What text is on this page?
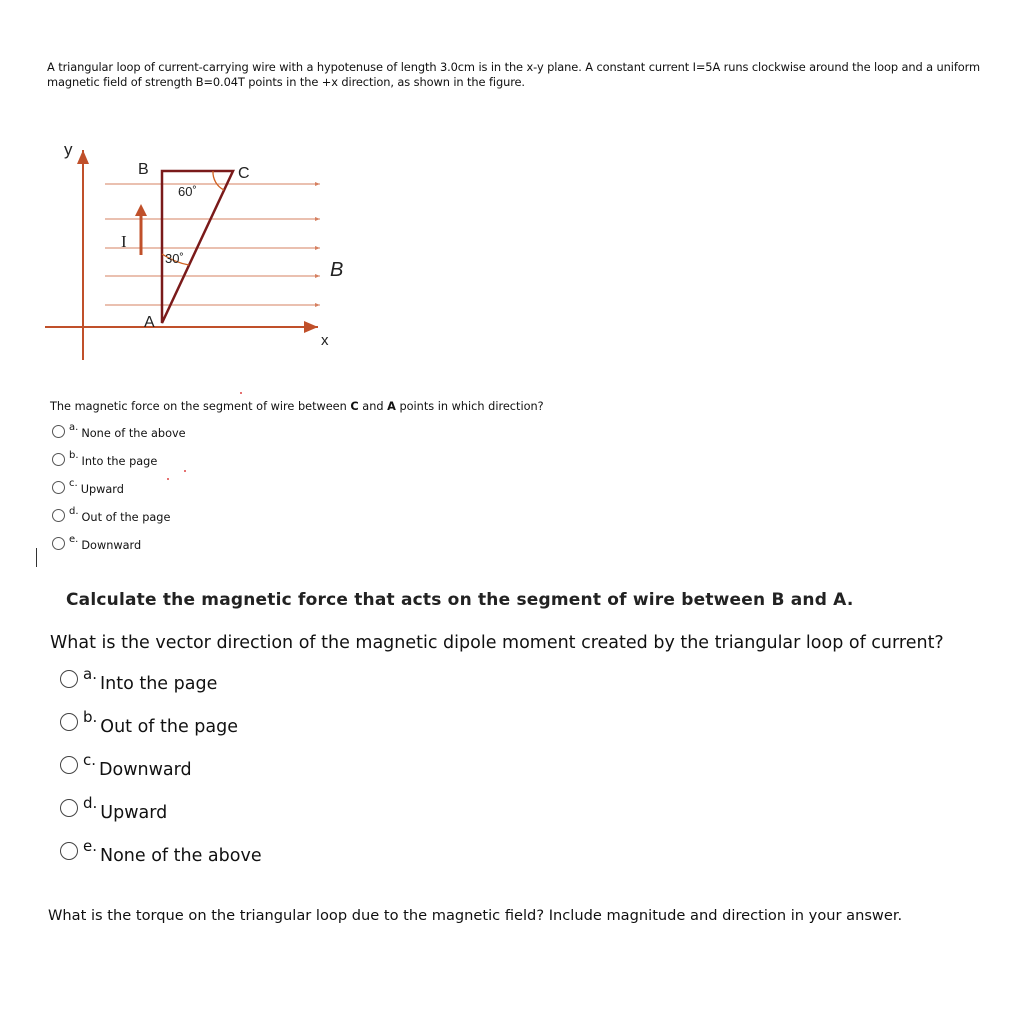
A triangular loop of current-carrying wire with a hypotenuse of length 3.0cm is in the x-y plane. A constant current I=5A runs clockwise around the loop and a uniform
magnetic field of strength B=0.04T points in the +x direction, as shown in the figure.
y
x
B	C
A
60˚
30˚
I
B
The magnetic force on the segment of wire between C and A points in which direction?
a. None of the above
b. Into the page
c. Upward
d. Out of the page
e. Downward
Calculate the magnetic force that acts on the segment of wire between B and A.
What is the vector direction of the magnetic dipole moment created by the triangular loop of current?
a. Into the page
b. Out of the page
c. Downward
d. Upward
e. None of the above
What is the torque on the triangular loop due to the magnetic field? Include magnitude and direction in your answer.
